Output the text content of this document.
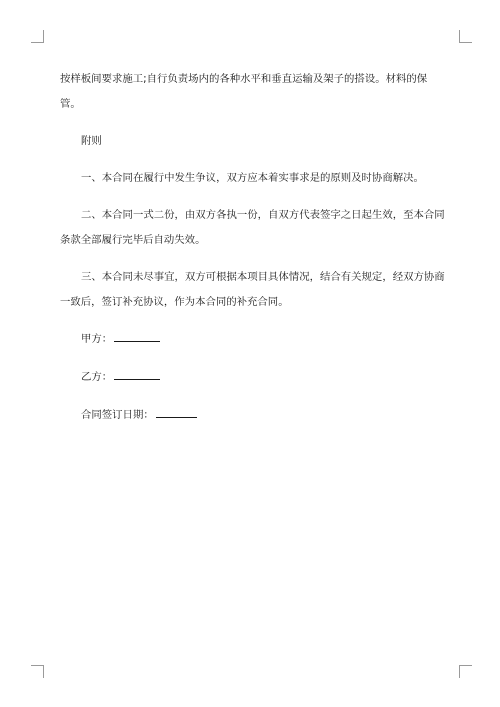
按样板间要求施工;自行负责场内的各种水平和垂直运输及架子的搭设。材料的保管。

附则

一、本合同在履行中发生争议，双方应本着实事求是的原则及时协商解决。

二、本合同一式二份，由双方各执一份，自双方代表签字之日起生效，至本合同条款全部履行完毕后自动失效。

三、本合同未尽事宜，双方可根据本项目具体情况，结合有关规定，经双方协商一致后，签订补充协议，作为本合同的补充合同。

甲方：
乙方：
合同签订日期：
